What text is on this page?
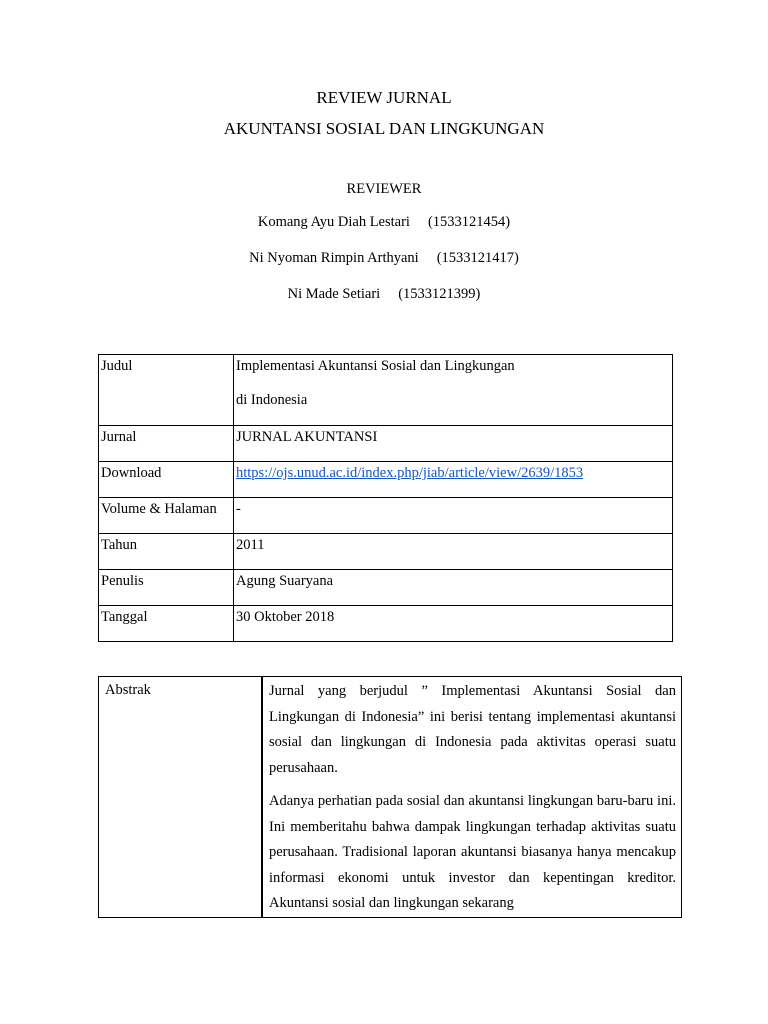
REVIEW JURNAL
AKUNTANSI SOSIAL DAN LINGKUNGAN
REVIEWER
Komang Ayu Diah Lestari (1533121454)
Ni Nyoman Rimpin Arthyani (1533121417)
Ni Made Setiari (1533121399)
Judul	Implementasi Akuntansi Sosial dan Lingkungan
di Indonesia

Jurnal	JURNAL AKUNTANSI
Download	https://ojs.unud.ac.id/index.php/jiab/article/view/2639/1853
Volume & Halaman	-
Tahun	2011
Penulis	Agung Suaryana
Tanggal	30 Oktober 2018
Abstrak	Jurnal yang berjudul ” Implementasi Akuntansi Sosial dan Lingkungan di Indonesia” ini berisi tentang implementasi akuntansi sosial dan lingkungan di Indonesia pada aktivitas operasi suatu perusahaan.

Adanya perhatian pada sosial dan akuntansi lingkungan baru-baru ini. Ini memberitahu bahwa dampak lingkungan terhadap aktivitas suatu perusahaan. Tradisional laporan akuntansi biasanya hanya mencakup informasi ekonomi untuk investor dan kepentingan kreditor. Akuntansi sosial dan lingkungan sekarang
